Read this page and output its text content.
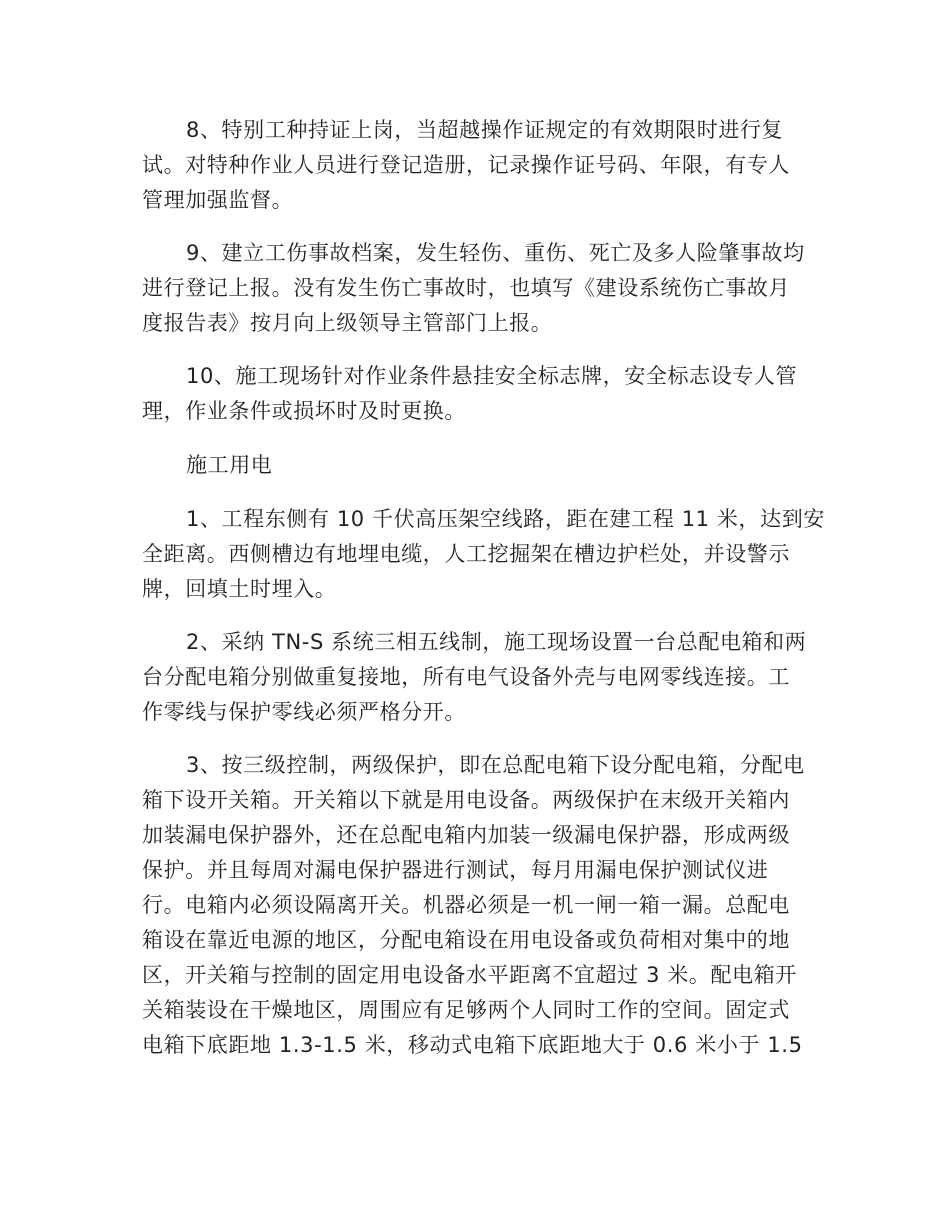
8、特别工种持证上岗，当超越操作证规定的有效期限时进行复
试。对特种作业人员进行登记造册，记录操作证号码、年限，有专人
管理加强监督。
9、建立工伤事故档案，发生轻伤、重伤、死亡及多人险肇事故均
进行登记上报。没有发生伤亡事故时，也填写《建设系统伤亡事故月
度报告表》按月向上级领导主管部门上报。
10、施工现场针对作业条件悬挂安全标志牌，安全标志设专人管
理，作业条件或损坏时及时更换。
施工用电
1、工程东侧有 10 千伏高压架空线路，距在建工程 11 米，达到安
全距离。西侧槽边有地埋电缆，人工挖掘架在槽边护栏处，并设警示
牌，回填土时埋入。
2、采纳 TN-S 系统三相五线制，施工现场设置一台总配电箱和两
台分配电箱分别做重复接地，所有电气设备外壳与电网零线连接。工
作零线与保护零线必须严格分开。
3、按三级控制，两级保护，即在总配电箱下设分配电箱，分配电
箱下设开关箱。开关箱以下就是用电设备。两级保护在末级开关箱内
加装漏电保护器外，还在总配电箱内加装一级漏电保护器，形成两级
保护。并且每周对漏电保护器进行测试，每月用漏电保护测试仪进
行。电箱内必须设隔离开关。机器必须是一机一闸一箱一漏。总配电
箱设在靠近电源的地区，分配电箱设在用电设备或负荷相对集中的地
区，开关箱与控制的固定用电设备水平距离不宜超过 3 米。配电箱开
关箱装设在干燥地区，周围应有足够两个人同时工作的空间。固定式
电箱下底距地 1.3-1.5 米，移动式电箱下底距地大于 0.6 米小于 1.5
